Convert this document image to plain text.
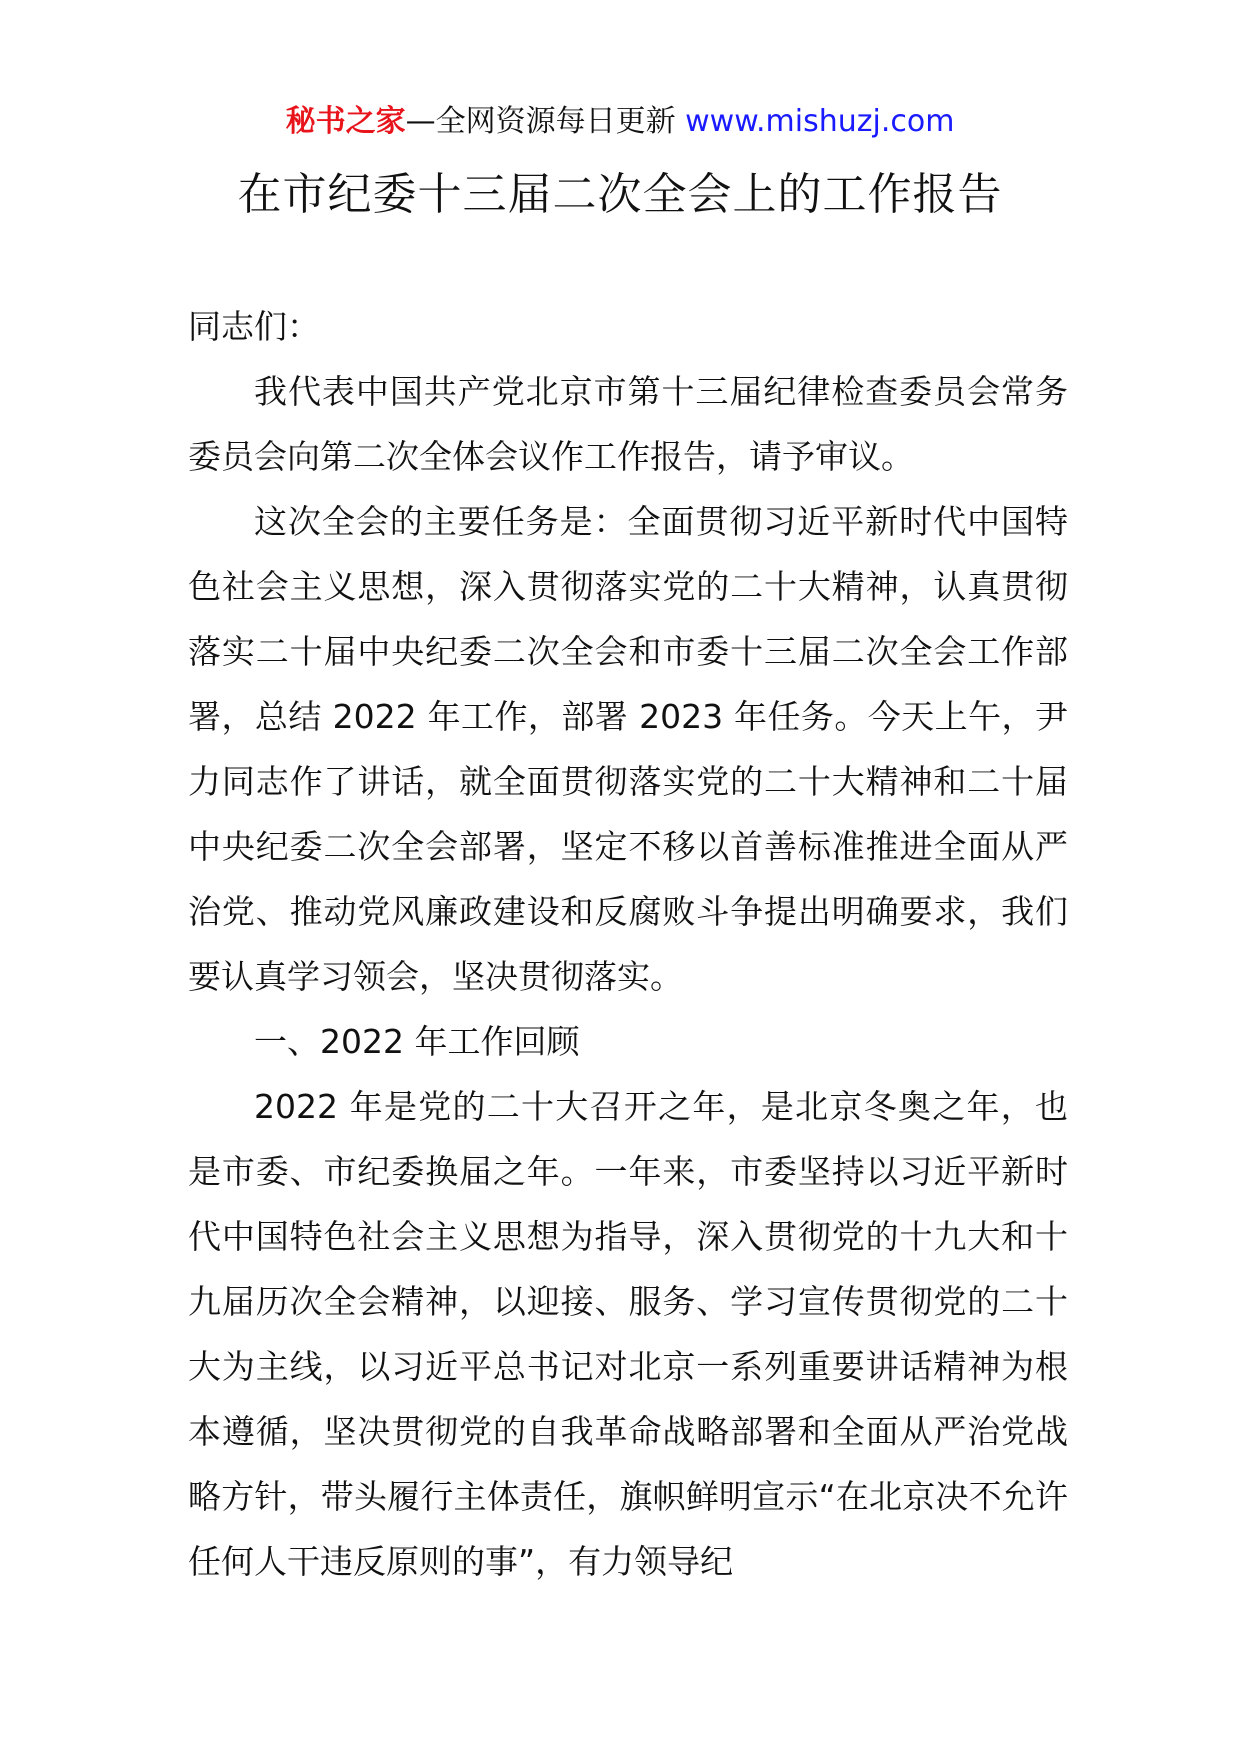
秘书之家—全网资源每日更新 www.mishuzj.com
在市纪委十三届二次全会上的工作报告

同志们：

我代表中国共产党北京市第十三届纪律检查委员会常务委员会向第二次全体会议作工作报告，请予审议。

这次全会的主要任务是：全面贯彻习近平新时代中国特色社会主义思想，深入贯彻落实党的二十大精神，认真贯彻落实二十届中央纪委二次全会和市委十三届二次全会工作部署，总结 2022 年工作，部署 2023 年任务。今天上午，尹力同志作了讲话，就全面贯彻落实党的二十大精神和二十届中央纪委二次全会部署，坚定不移以首善标准推进全面从严治党、推动党风廉政建设和反腐败斗争提出明确要求，我们要认真学习领会，坚决贯彻落实。

一、2022 年工作回顾

2022 年是党的二十大召开之年，是北京冬奥之年，也是市委、市纪委换届之年。一年来，市委坚持以习近平新时代中国特色社会主义思想为指导，深入贯彻党的十九大和十九届历次全会精神，以迎接、服务、学习宣传贯彻党的二十大为主线，以习近平总书记对北京一系列重要讲话精神为根本遵循，坚决贯彻党的自我革命战略部署和全面从严治党战略方针，带头履行主体责任，旗帜鲜明宣示“在北京决不允许任何人干违反原则的事”，有力领导纪
